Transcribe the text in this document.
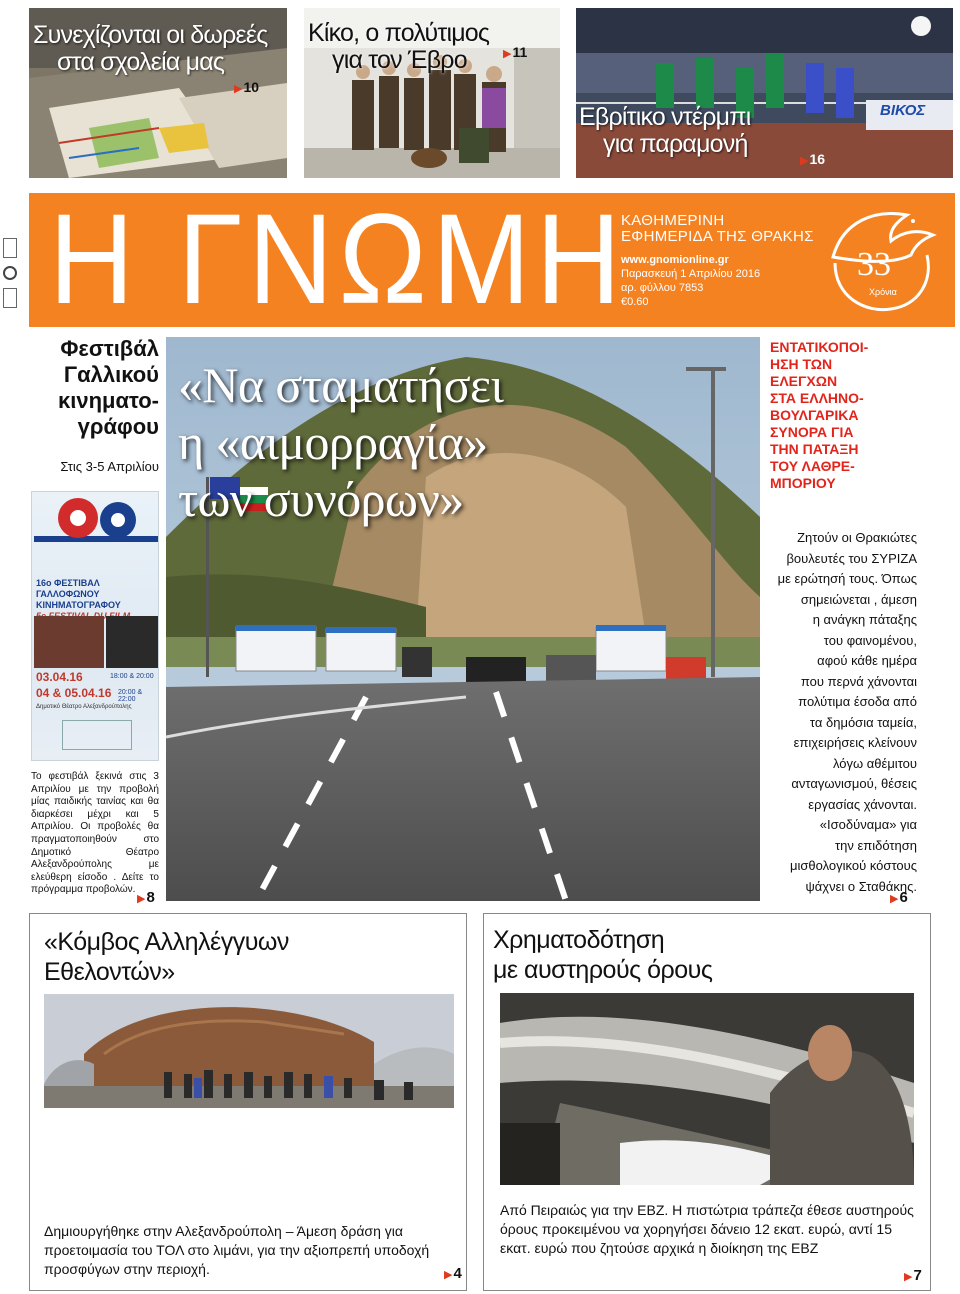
Συνεχίζονται οι δωρεές
στα σχολεία μας
▶10
Κίκο, ο πολύτιμος
για τον Έβρο	▶11
ΒΙΚΟΣ
Εβρίτικο ντέρμπι
για παραμονή
▶16
Η ΓΝΩΜΗ
ΚΑΘΗΜΕΡΙΝΗ
ΕΦΗΜΕΡΙΔΑ ΤΗΣ ΘΡΑΚΗΣ
www.gnomionline.gr
Παρασκευή 1 Απριλίου 2016
αρ. φύλλου 7853
€0.60
33
Χρόνια
Φεστιβάλ
Γαλλικού
κινηματο-
γράφου
Στις 3-5 Απριλίου
16ο ΦΕΣΤΙΒΑΛ ΓΑΛΛΟΦΩΝΟΥ
ΚΙΝΗΜΑΤΟΓΡΑΦΟΥ
03.04.16	18:00 & 20:00
04 & 05.04.16 20:00 & 22:00
Δημοτικό Θέατρο Αλεξανδρούπολης
Το φεστιβάλ ξεκινά στις 3 Απριλίου με την προβολή μίας παιδικής ταινίας και θα διαρκέσει μέχρι και 5 Απριλίου. Οι προβολές θα πραγματοποιηθούν στο Δημοτικό Θέατρο Αλεξανδρούπολης με ελεύθερη είσοδο . Δείτε το πρόγραμμα προβολών.
▶8
«Να σταματήσει
η «αιμορραγία»
των συνόρων»
ΕΝΤΑΤΙΚΟΠΟΙ-
ΗΣΗ ΤΩΝ
ΕΛΕΓΧΩΝ
ΣΤΑ ΕΛΛΗΝΟ-
ΒΟΥΛΓΑΡΙΚΑ
ΣΥΝΟΡΑ ΓΙΑ
ΤΗΝ ΠΑΤΑΞΗ
ΤΟΥ ΛΑΘΡΕ-
ΜΠΟΡΙΟΥ
Ζητούν οι Θρακιώτες
βουλευτές του ΣΥΡΙΖΑ
με ερώτησή τους. Όπως
σημειώνεται , άμεση
η ανάγκη πάταξης
του φαινομένου,
αφού κάθε ημέρα
που περνά χάνονται
πολύτιμα έσοδα από
τα δημόσια ταμεία,
επιχειρήσεις κλείνουν
λόγω αθέμιτου
ανταγωνισμού, θέσεις
εργασίας χάνονται.
«Ισοδύναμα» για
την επιδότηση
μισθολογικού κόστους
ψάχνει ο Σταθάκης.
▶6
«Κόμβος Αλληλέγγυων
Εθελοντών»
Δημιουργήθηκε στην Αλεξανδρούπολη – Άμεση δράση για προετοιμασία του ΤΟΛ στο λιμάνι, για την αξιοπρεπή υποδοχή προσφύγων στην περιοχή.	▶4
Χρηματοδότηση
με αυστηρούς όρους
Από Πειραιώς για την ΕΒΖ. Η πιστώτρια τράπεζα έθεσε αυστηρούς όρους προκειμένου να χορηγήσει δάνειο 12 εκατ. ευρώ, αντί 15 εκατ. ευρώ που ζητούσε αρχικά η διοίκηση της ΕΒΖ
▶7
